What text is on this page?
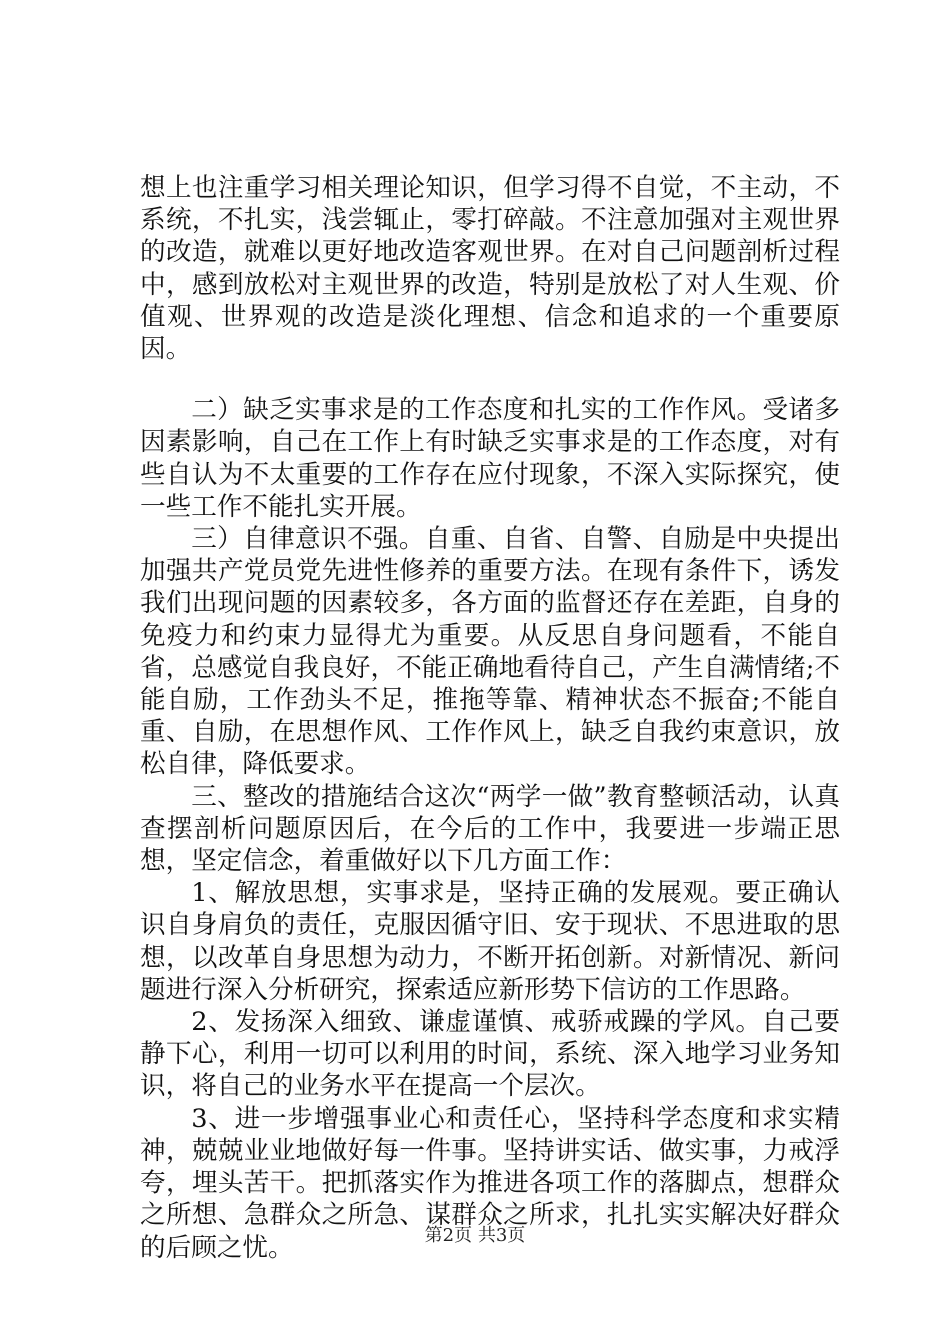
想上也注重学习相关理论知识，但学习得不自觉，不主动，不系统，不扎实，浅尝辄止，零打碎敲。不注意加强对主观世界的改造，就难以更好地改造客观世界。在对自己问题剖析过程中，感到放松对主观世界的改造，特别是放松了对人生观、价值观、世界观的改造是淡化理想、信念和追求的一个重要原因。

二）缺乏实事求是的工作态度和扎实的工作作风。受诸多因素影响，自己在工作上有时缺乏实事求是的工作态度，对有些自认为不太重要的工作存在应付现象，不深入实际探究，使一些工作不能扎实开展。

三）自律意识不强。自重、自省、自警、自励是中央提出加强共产党员党先进性修养的重要方法。在现有条件下，诱发我们出现问题的因素较多，各方面的监督还存在差距，自身的免疫力和约束力显得尤为重要。从反思自身问题看，不能自省，总感觉自我良好，不能正确地看待自己，产生自满情绪;不能自励，工作劲头不足，推拖等靠、精神状态不振奋;不能自重、自励，在思想作风、工作作风上，缺乏自我约束意识，放松自律，降低要求。

三、整改的措施结合这次“两学一做”教育整顿活动，认真查摆剖析问题原因后，在今后的工作中，我要进一步端正思想，坚定信念，着重做好以下几方面工作：

1、解放思想，实事求是，坚持正确的发展观。要正确认识自身肩负的责任，克服因循守旧、安于现状、不思进取的思想，以改革自身思想为动力，不断开拓创新。对新情况、新问题进行深入分析研究，探索适应新形势下信访的工作思路。

2、发扬深入细致、谦虚谨慎、戒骄戒躁的学风。自己要静下心，利用一切可以利用的时间，系统、深入地学习业务知识，将自己的业务水平在提高一个层次。

3、进一步增强事业心和责任心，坚持科学态度和求实精神，兢兢业业地做好每一件事。坚持讲实话、做实事，力戒浮夸，埋头苦干。把抓落实作为推进各项工作的落脚点，想群众之所想、急群众之所急、谋群众之所求，扎扎实实解决好群众的后顾之忧。	第2页 共3页
